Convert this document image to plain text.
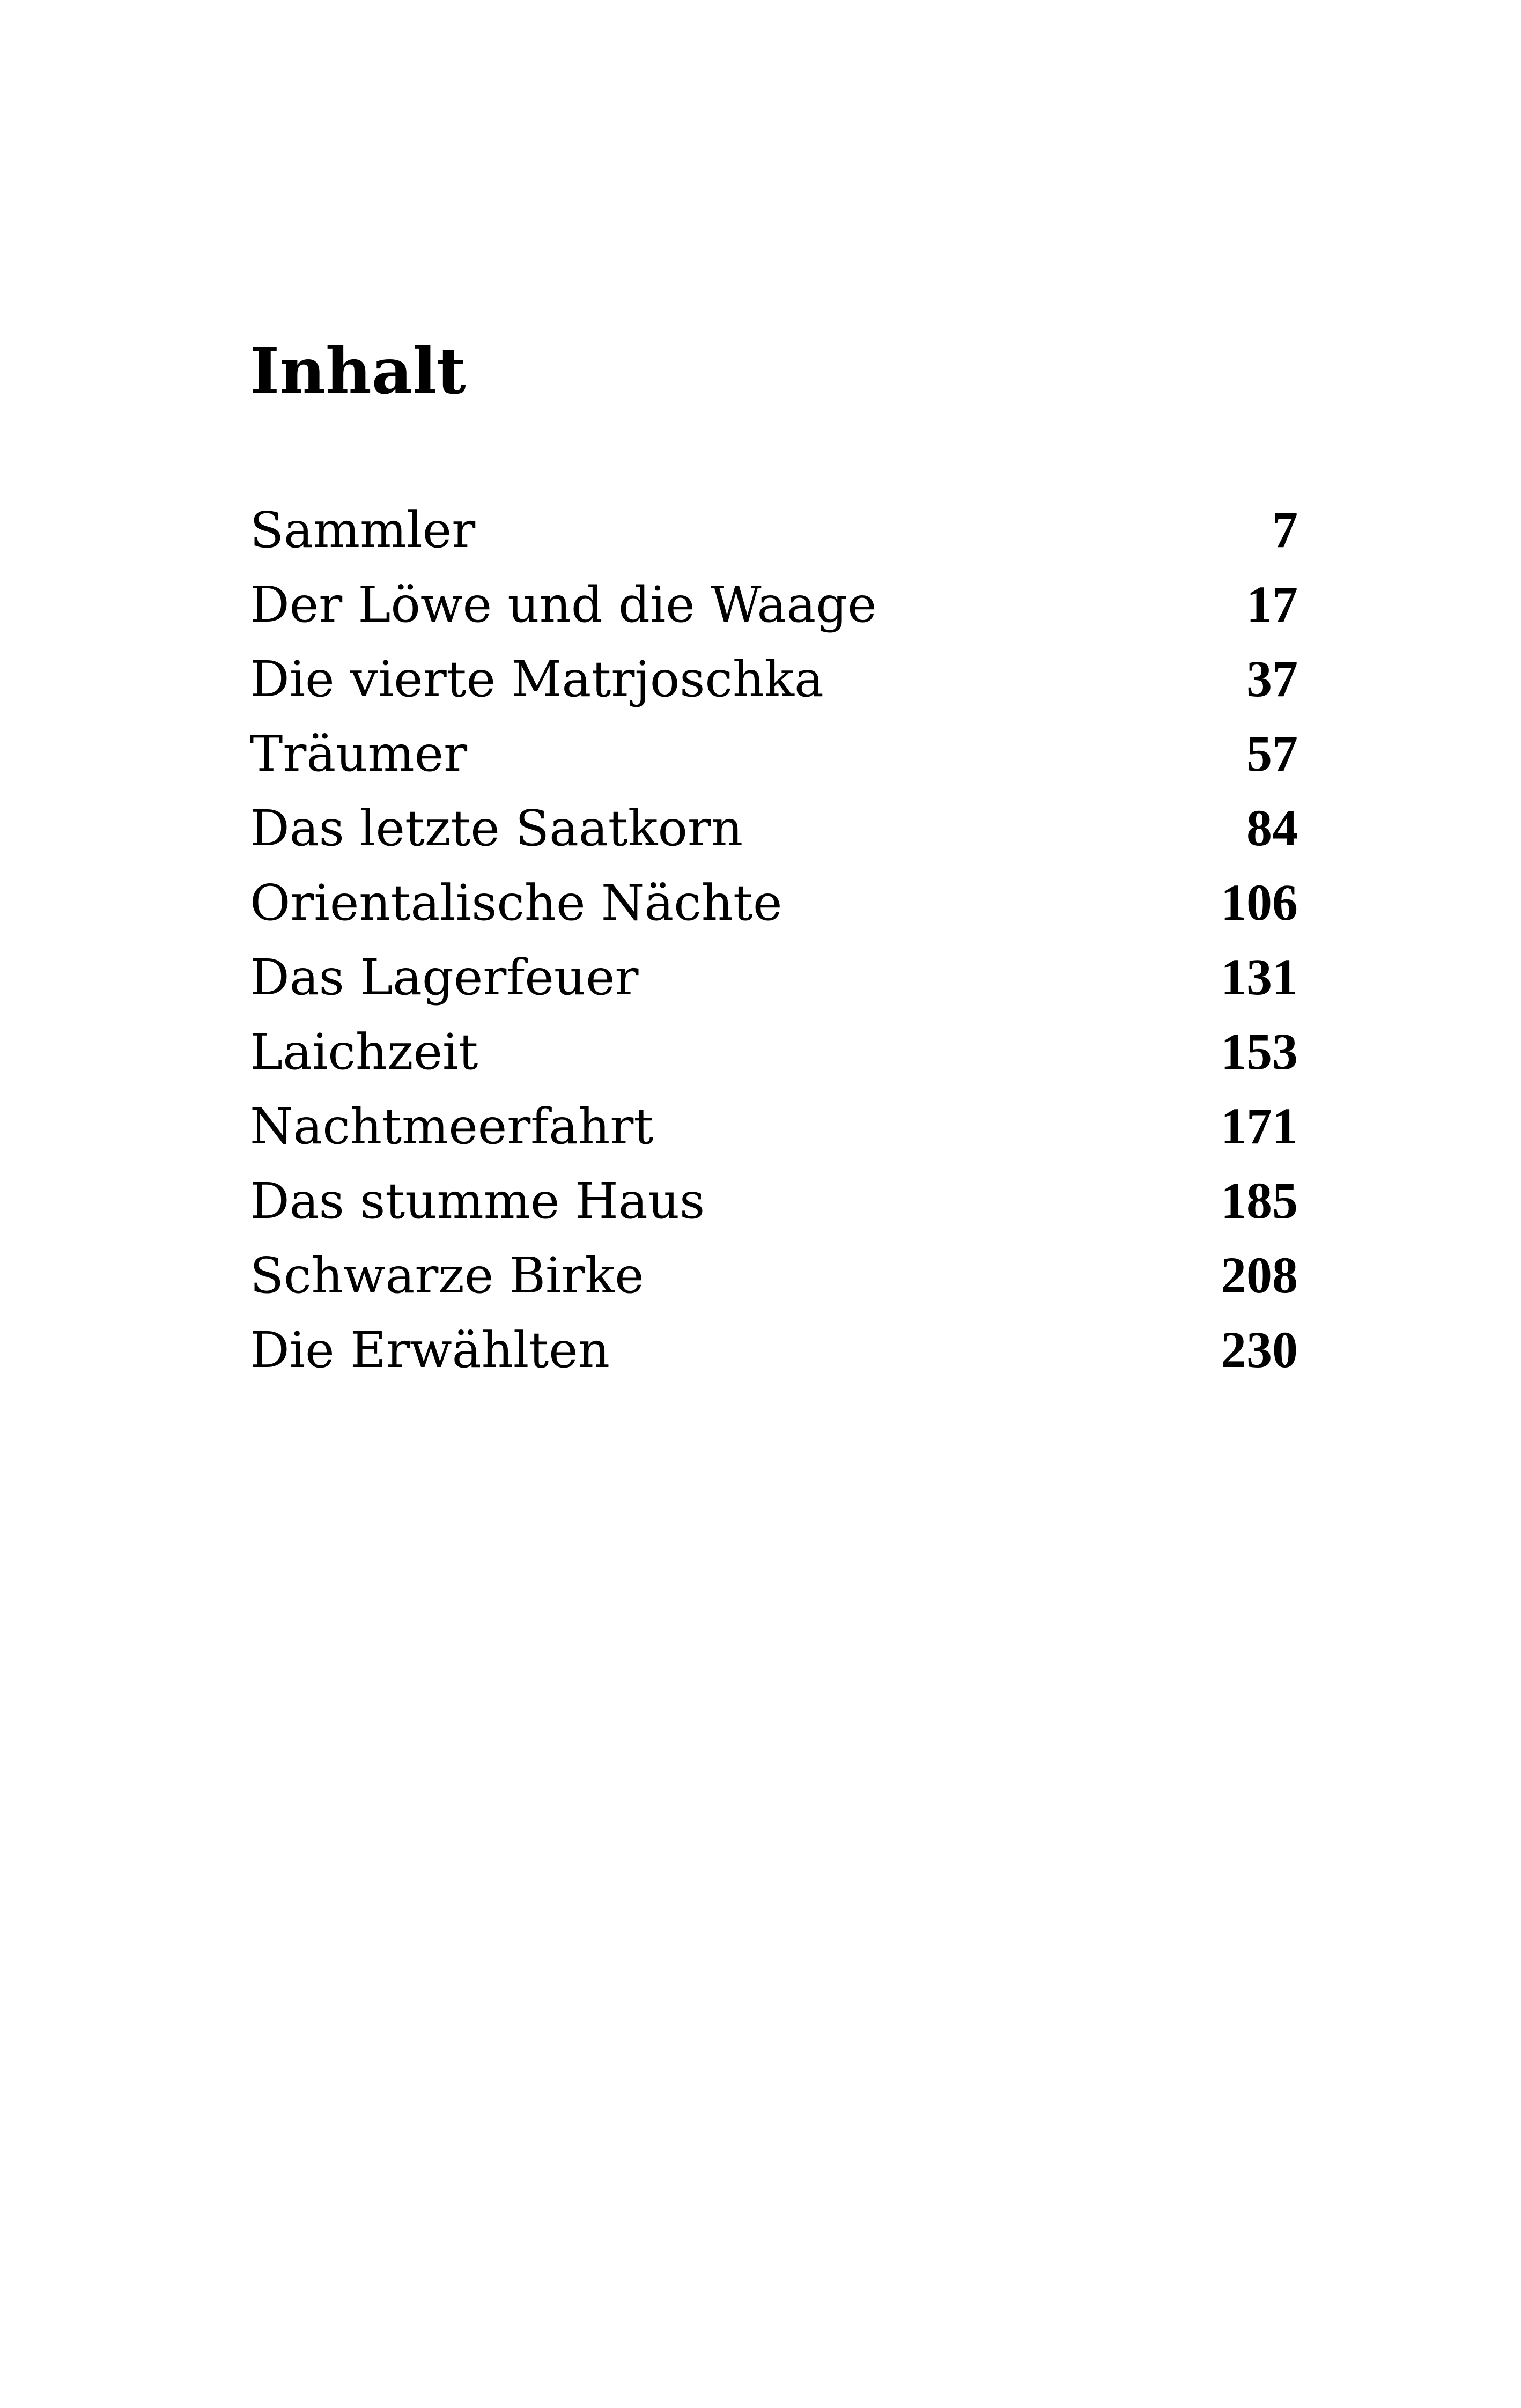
Inhalt
Sammler	7
Der Löwe und die Waage	17
Die vierte Matrjoschka	37
Träumer	57
Das letzte Saatkorn	84
Orientalische Nächte	106
Das Lagerfeuer	131
Laichzeit	153
Nachtmeerfahrt	171
Das stumme Haus	185
Schwarze Birke	208
Die Erwählten	230
